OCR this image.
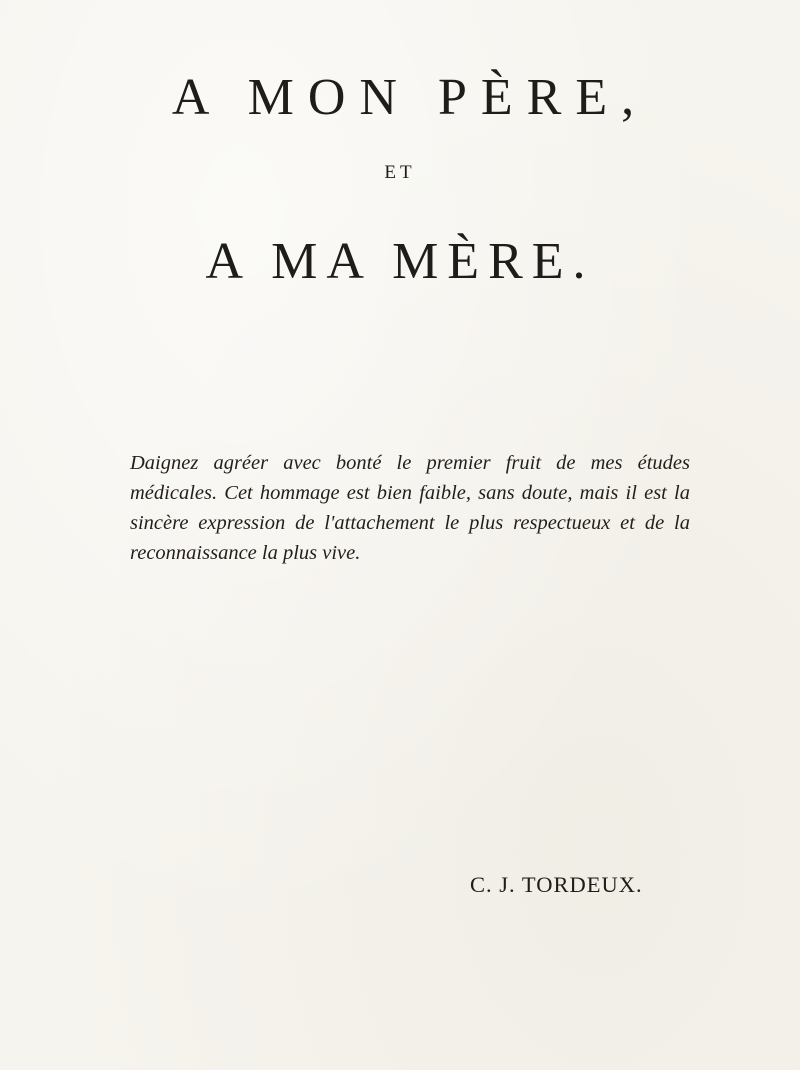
A MON PÈRE,
ET
A MA MÈRE.

Daignez agréer avec bonté le premier fruit de mes études médicales. Cet hommage est bien faible, sans doute, mais il est la sincère expression de l'attachement le plus respectueux et de la reconnaissance la plus vive.

C. J. TORDEUX.
